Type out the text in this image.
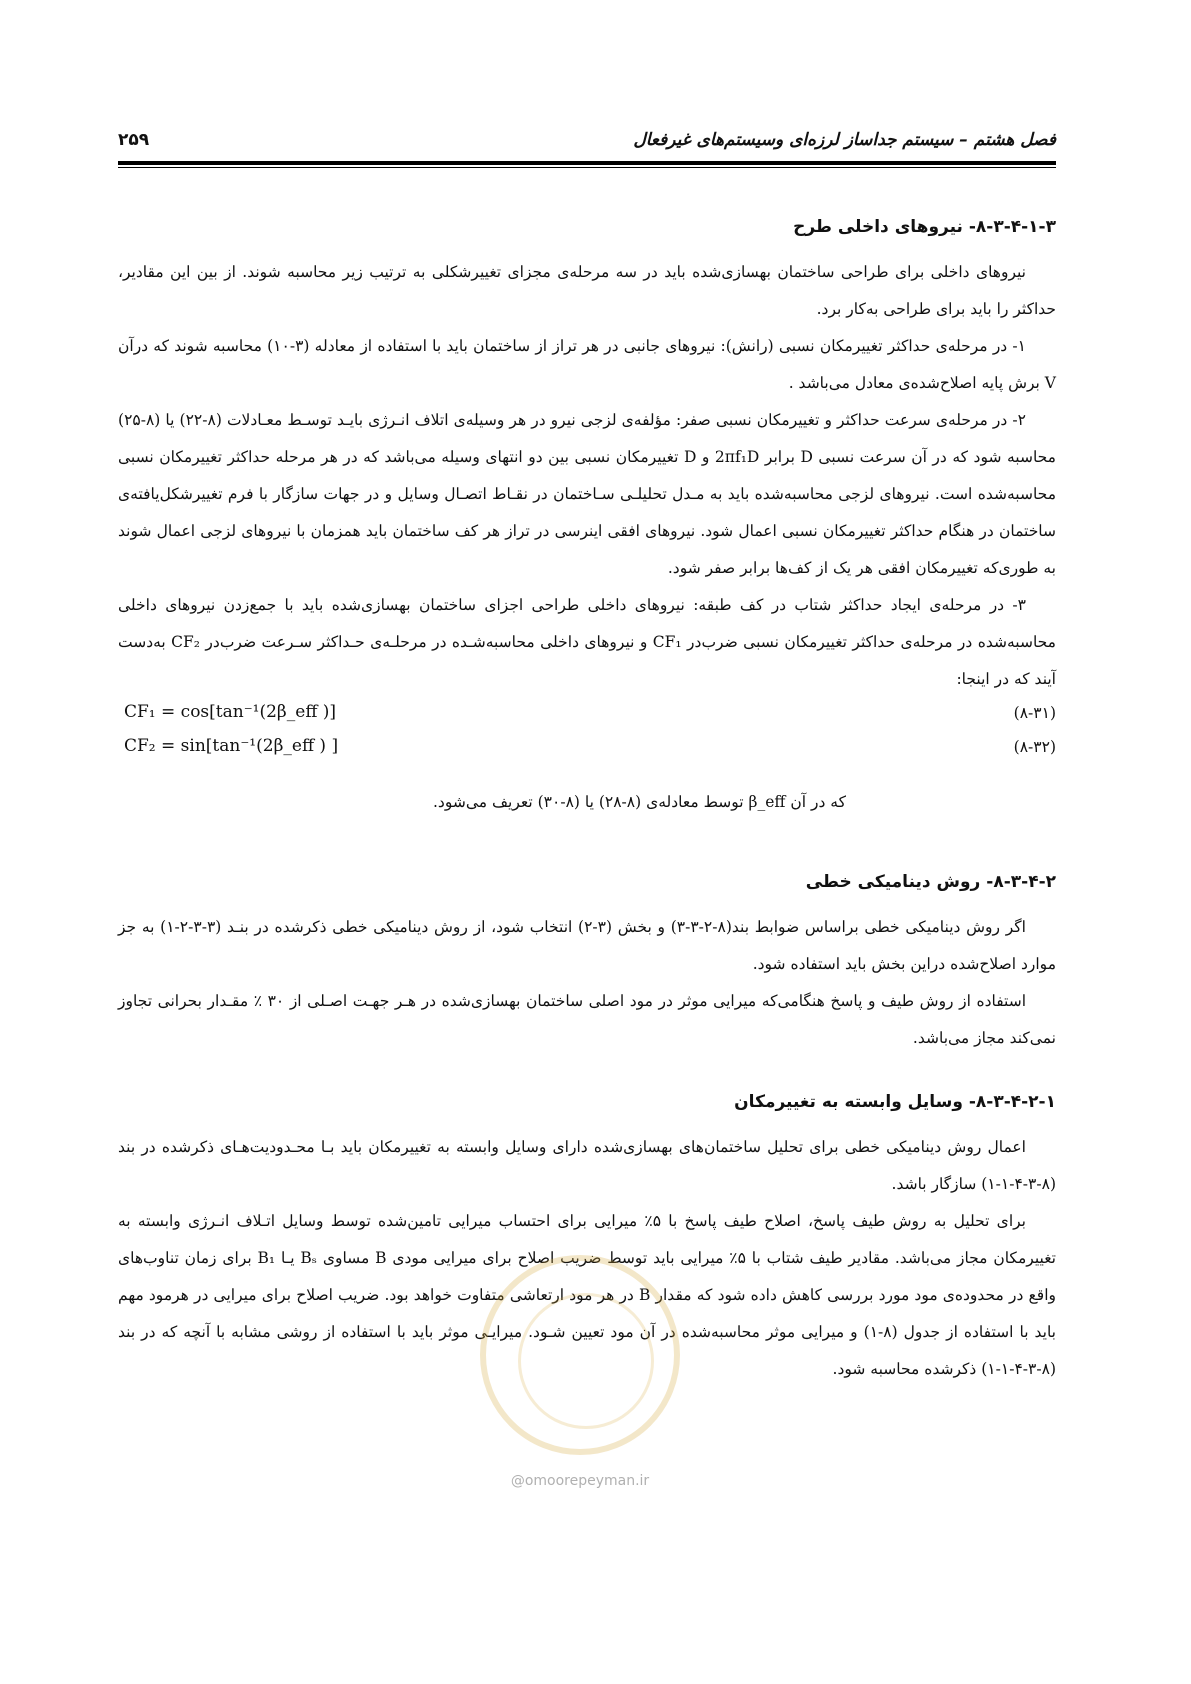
فصل هشتم – سیستم جداساز لرزه‌ای وسیستم‌های غیرفعال
۲۵۹
۸-۳-۴-۱-۳- نیروهای داخلی طرح

نیروهای داخلی برای طراحی ساختمان بهسازی‌شده باید در سه مرحله‌ی مجزای تغییرشکلی به ترتیب زیر محاسبه شوند. از بین این مقادیر، حداکثر را باید برای طراحی به‌کار برد.

۱- در مرحله‌ی حداکثر تغییرمکان نسبی (رانش): نیروهای جانبی در هر تراز از ساختمان باید با استفاده از معادله (۳-۱۰) محاسبه شوند که درآن V برش پایه اصلاح‌شده‌ی معادل می‌باشد .

۲- در مرحله‌ی سرعت حداکثر و تغییرمکان نسبی صفر: مؤلفه‌ی لزجی نیرو در هر وسیله‌ی اتلاف انـرژی بایـد توسـط معـادلات (۸-۲۲) یا (۸-۲۵) محاسبه شود که در آن سرعت نسبی D برابر 2πf₁D و D تغییرمکان نسبی بین دو انتهای وسیله می‌باشد که در هر مرحله حداکثر تغییرمکان نسبی محاسبه‌شده است. نیروهای لزجی محاسبه‌شده باید به مـدل تحلیلـی سـاختمان در نقـاط اتصـال وسایل و در جهات سازگار با فرم تغییرشکل‌یافته‌ی ساختمان در هنگام حداکثر تغییرمکان نسبی اعمال شود. نیروهای افقی اینرسی در تراز هر کف ساختمان باید همزمان با نیروهای لزجی اعمال شوند به طوری‌که تغییرمکان افقی هر یک از کف‌ها برابر صفر شود.

۳- در مرحله‌ی ایجاد حداکثر شتاب در کف طبقه: نیروهای داخلی طراحی اجزای ساختمان بهسازی‌شده باید با جمع‌زدن نیروهای داخلی محاسبه‌شده در مرحله‌ی حداکثر تغییرمکان نسبی ضرب‌در CF₁ و نیروهای داخلی محاسبه‌شـده در مرحلـه‌ی حـداکثر سـرعت ضرب‌در CF₂ به‌دست آیند که در اینجا:

CF₁ = cos[tan⁻¹(2β_eff )]	(۸-۳۱)
CF₂ = sin[tan⁻¹(2β_eff ) ]	(۸-۳۲)

که در آن β_eff توسط معادله‌ی (۸-۲۸) یا (۸-۳۰) تعریف می‌شود.

۸-۳-۴-۲- روش دینامیکی خطی

اگر روش دینامیکی خطی براساس ضوابط بند(۸-۲-۳-۳) و بخش (۳-۲) انتخاب شود، از روش دینامیکی خطی ذکرشده در بنـد (۳-۳-۲-۱) به جز موارد اصلاح‌شده دراین بخش باید استفاده شود.

استفاده از روش طیف و پاسخ هنگامی‌که میرایی موثر در مود اصلی ساختمان بهسازی‌شده در هـر جهـت اصـلی از ۳۰ ٪ مقـدار بحرانی تجاوز نمی‌کند مجاز می‌باشد.

۸-۳-۴-۲-۱- وسایل وابسته به تغییرمکان

اعمال روش دینامیکی خطی برای تحلیل ساختمان‌های بهسازی‌شده دارای وسایل وابسته به تغییرمکان باید بـا محـدودیت‌هـای ذکرشده در بند (۸-۳-۴-۱-۱) سازگار باشد.

برای تحلیل به روش طیف پاسخ، اصلاح طیف پاسخ با ۵٪ میرایی برای احتساب میرایی تامین‌شده توسط وسایل اتـلاف انـرژی وابسته به تغییرمکان مجاز می‌باشد. مقادیر طیف شتاب با ۵٪ میرایی باید توسط ضریب اصلاح برای میرایی مودی B مساوی Bₛ یـا B₁ برای زمان تناوب‌های واقع در محدوده‌ی مود مورد بررسی کاهش داده شود که مقدار B در هر مود ارتعاشی متفاوت خواهد بود. ضریب اصلاح برای میرایی در هرمود مهم باید با استفاده از جدول (۸-۱) و میرایی موثر محاسبه‌شده در آن مود تعیین شـود. میرایـی موثر باید با استفاده از روشی مشابه با آنچه که در بند (۸-۳-۴-۱-۱) ذکرشده محاسبه شود.

@omoorepeyman.ir
